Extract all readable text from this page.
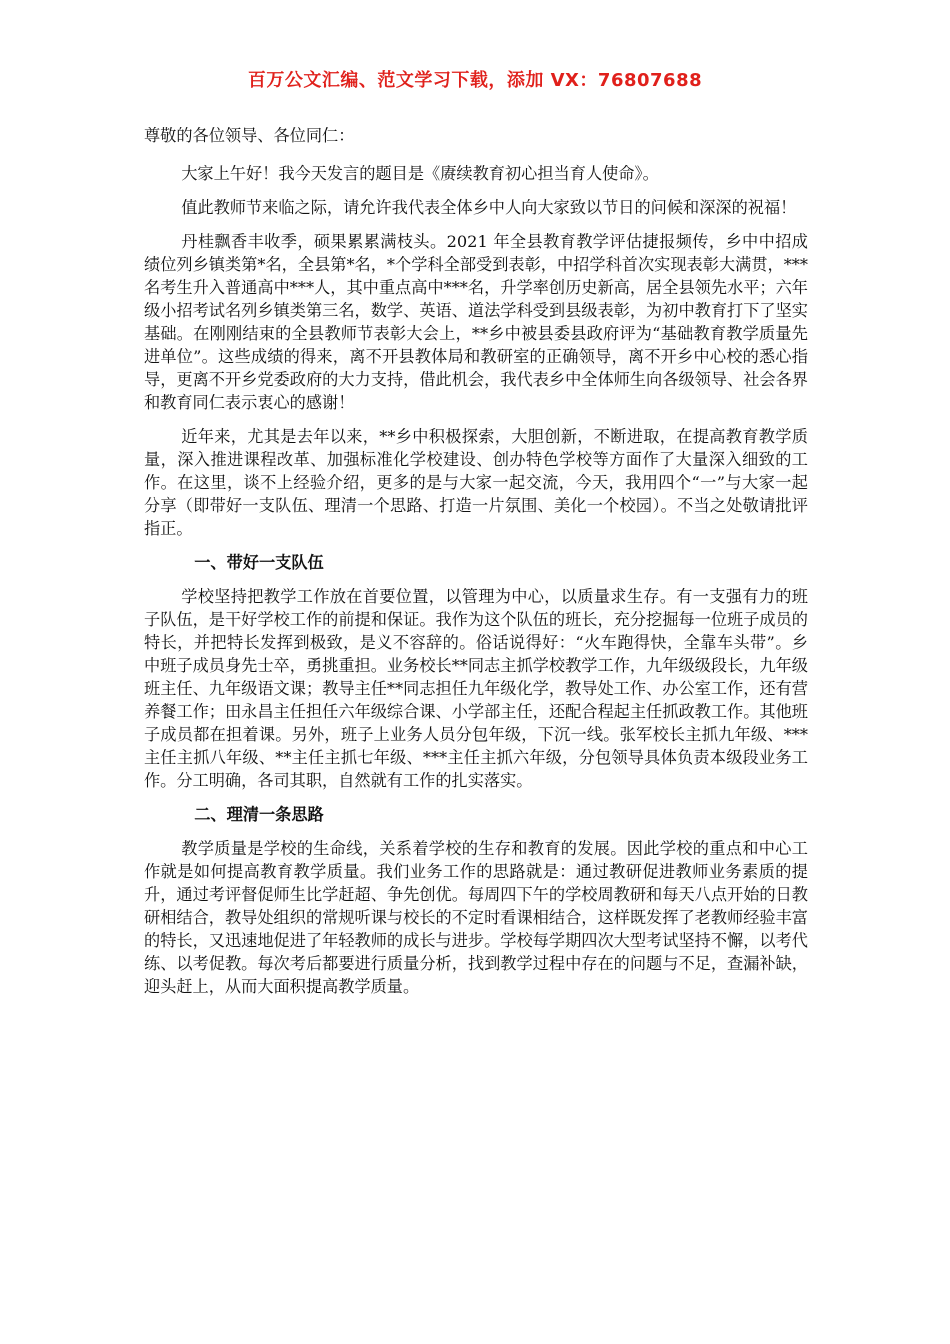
百万公文汇编、范文学习下载，添加 VX：76807688

尊敬的各位领导、各位同仁：

大家上午好！我今天发言的题目是《赓续教育初心担当育人使命》。

值此教师节来临之际，请允许我代表全体乡中人向大家致以节日的问候和深深的祝福！

丹桂飘香丰收季，硕果累累满枝头。2021 年全县教育教学评估捷报频传，乡中中招成绩位列乡镇类第*名，全县第*名，*个学科全部受到表彰，中招学科首次实现表彰大满贯，***名考生升入普通高中***人，其中重点高中***名，升学率创历史新高，居全县领先水平；六年级小招考试名列乡镇类第三名，数学、英语、道法学科受到县级表彰，为初中教育打下了坚实基础。在刚刚结束的全县教师节表彰大会上，**乡中被县委县政府评为“基础教育教学质量先进单位”。这些成绩的得来，离不开县教体局和教研室的正确领导，离不开乡中心校的悉心指导，更离不开乡党委政府的大力支持，借此机会，我代表乡中全体师生向各级领导、社会各界和教育同仁表示衷心的感谢！

近年来，尤其是去年以来，**乡中积极探索，大胆创新，不断进取，在提高教育教学质量，深入推进课程改革、加强标准化学校建设、创办特色学校等方面作了大量深入细致的工作。在这里，谈不上经验介绍，更多的是与大家一起交流，今天，我用四个“一”与大家一起分享（即带好一支队伍、理清一个思路、打造一片氛围、美化一个校园）。不当之处敬请批评指正。

一、带好一支队伍

学校坚持把教学工作放在首要位置，以管理为中心，以质量求生存。有一支强有力的班子队伍，是干好学校工作的前提和保证。我作为这个队伍的班长，充分挖掘每一位班子成员的特长，并把特长发挥到极致，是义不容辞的。俗话说得好：“火车跑得快，全靠车头带”。乡中班子成员身先士卒，勇挑重担。业务校长**同志主抓学校教学工作，九年级级段长，九年级班主任、九年级语文课；教导主任**同志担任九年级化学，教导处工作、办公室工作，还有营养餐工作；田永昌主任担任六年级综合课、小学部主任，还配合程起主任抓政教工作。其他班子成员都在担着课。另外，班子上业务人员分包年级，下沉一线。张军校长主抓九年级、***主任主抓八年级、**主任主抓七年级、***主任主抓六年级，分包领导具体负责本级段业务工作。分工明确，各司其职，自然就有工作的扎实落实。

二、理清一条思路

教学质量是学校的生命线，关系着学校的生存和教育的发展。因此学校的重点和中心工作就是如何提高教育教学质量。我们业务工作的思路就是：通过教研促进教师业务素质的提升，通过考评督促师生比学赶超、争先创优。每周四下午的学校周教研和每天八点开始的日教研相结合，教导处组织的常规听课与校长的不定时看课相结合，这样既发挥了老教师经验丰富的特长，又迅速地促进了年轻教师的成长与进步。学校每学期四次大型考试坚持不懈，以考代练、以考促教。每次考后都要进行质量分析，找到教学过程中存在的问题与不足，查漏补缺，迎头赶上，从而大面积提高教学质量。
